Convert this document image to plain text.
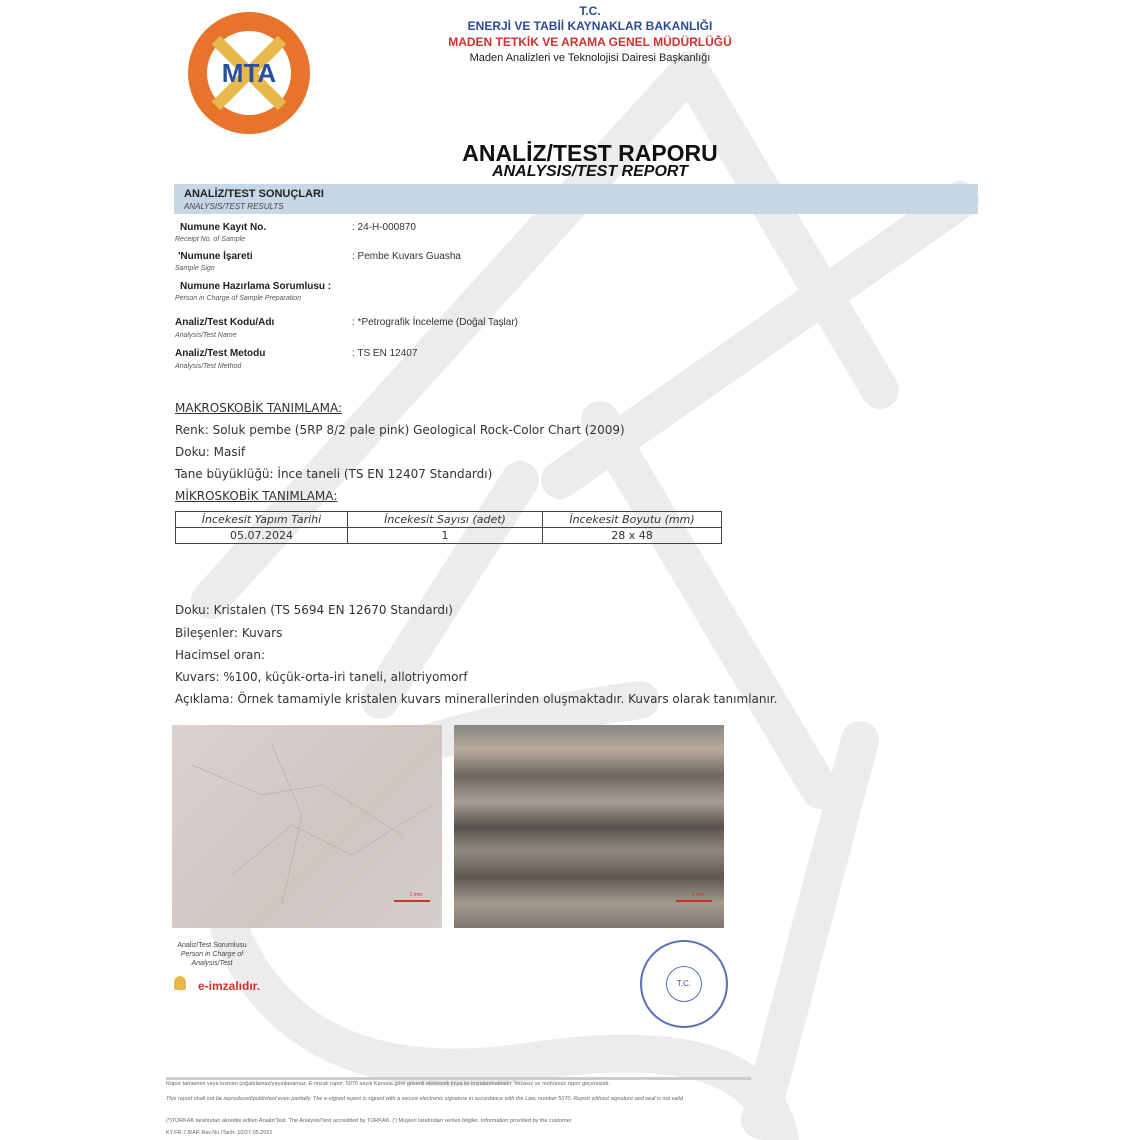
MTA
T.C.
ENERJİ VE TABİİ KAYNAKLAR BAKANLIĞI
MADEN TETKİK VE ARAMA GENEL MÜDÜRLÜĞÜ
Maden Analizleri ve Teknolojisi Dairesi Başkanlığı
ANALİZ/TEST RAPORU
ANALYSIS/TEST REPORT
ANALİZ/TEST SONUÇLARI
ANALYSIS/TEST RESULTS
Numune Kayıt No.
Receipt No. of Sample
: 24-H-000870
'Numune İşareti
Sample Sign
: Pembe Kuvars Guasha
Numune Hazırlama Sorumlusu :
Person in Charge of Sample Preparation
Analiz/Test Kodu/Adı
Analysis/Test Name
: *Petrografik İnceleme (Doğal Taşlar)
Analiz/Test Metodu
Analysis/Test Method
: TS EN 12407
MAKROSKOBİK TANIMLAMA:
Renk: Soluk pembe (5RP 8/2 pale pink) Geological Rock-Color Chart (2009)
Doku: Masif
Tane büyüklüğü: İnce taneli (TS EN 12407 Standardı)
MİKROSKOBİK TANIMLAMA:
İncekesit Yapım Tarihi	İncekesit Sayısı (adet)	İncekesit Boyutu (mm)
05.07.2024	1	28 x 48
Doku: Kristalen (TS 5694 EN 12670 Standardı)
Bileşenler: Kuvars
Hacimsel oran:
Kuvars: %100, küçük-orta-iri taneli, allotriyomorf
Açıklama: Örnek tamamiyle kristalen kuvars minerallerinden oluşmaktadır. Kuvars olarak tanımlanır.
1 mm	1 mm
Analiz/Test Sorumlusu
Person in Charge of
Analysis/Test
e-imzalıdır.	T.C.
Rapor tamamen veya kısmen çoğaltılamaz/yayınlanamaz. E-imzalı rapor, 5070 sayılı Kanuna göre güvenli elektronik imza ile imzalanmaktadır. İmzasız ve mühürsüz rapor geçersizdir.
This report shall not be reproduced/published even partially. The e-signed report is signed with a secure electronic signature in accordance with the Law, number 5070. Report without signature and seal is not valid.
(*)TÜRKAK tarafından akredite edilen Analiz/Test. The Analysis/Test accredited by TÜRKAK. (') Müşteri tarafından verilen bilgiler. Information provided by the customer
KY.FR.7.8/AR Rev.No./Tarih: 10/27.05.2022
